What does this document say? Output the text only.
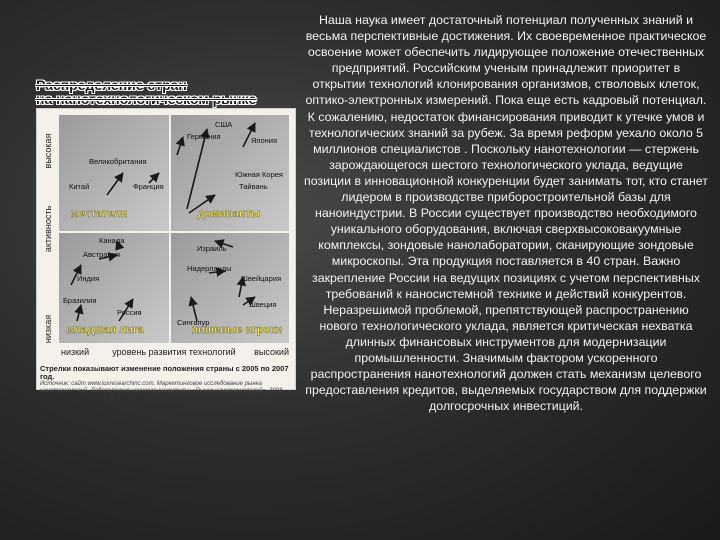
Распределение стран
на нанотехнологическом рынке
высокая
активность
низкая
низкий	уровень развития технологий высокий
мечтатели	доминанты
младшая лига	нишевые игроки
США
Германия	Япония
Великобритания
Китай	Франция
Южная Корея
Тайвань
Канада
Австралия
Израиль
Нидерланды
Индия	Швейцария
Бразилия
Россия
Сингапур
Швеция
Стрелки показывают изменение положения страны с 2005 по 2007 год.
Источник: сайт www.luxresearchinc.com, Маркетинговое исследование рынка нанотехнологий, Лаборатория научного развития и «Рынок нанотехнологий», 2008

Наша наука имеет достаточный потенциал полученных знаний и весьма перспективные достижения. Их своевременное практическое освоение может обеспечить лидирующее положение отечественных предприятий. Российским ученым принадлежит приоритет в открытии технологий клонирования организмов, стволовых клеток, оптико-электронных измерений. Пока еще есть кадровый потенциал. К сожалению, недостаток финансирования приводит к утечке умов и технологических знаний за рубеж. За время реформ уехало около 5 миллионов специалистов . Поскольку нанотехнологии — стержень зарождающегося шестого технологического уклада, ведущие позиции в инновационной конкуренции будет занимать тот, кто станет лидером в производстве приборостроительной базы для наноиндустрии. В России существует производство необходимого уникального оборудования, включая сверхвысоковакуумные комплексы, зондовые нанолаборатории, сканирующие зондовые микроскопы. Эта продукция поставляется в 40 стран. Важно закрепление России на ведущих позициях с учетом перспективных требований к наносистемной технике и действий конкурентов.

Неразрешимой проблемой, препятствующей распространению нового технологического уклада, является критическая нехватка длинных финансовых инструментов для модернизации промышленности. Значимым фактором ускоренного распространения нанотехнологий должен стать механизм целевого предоставления кредитов, выделяемых государством для поддержки долгосрочных инвестиций.
